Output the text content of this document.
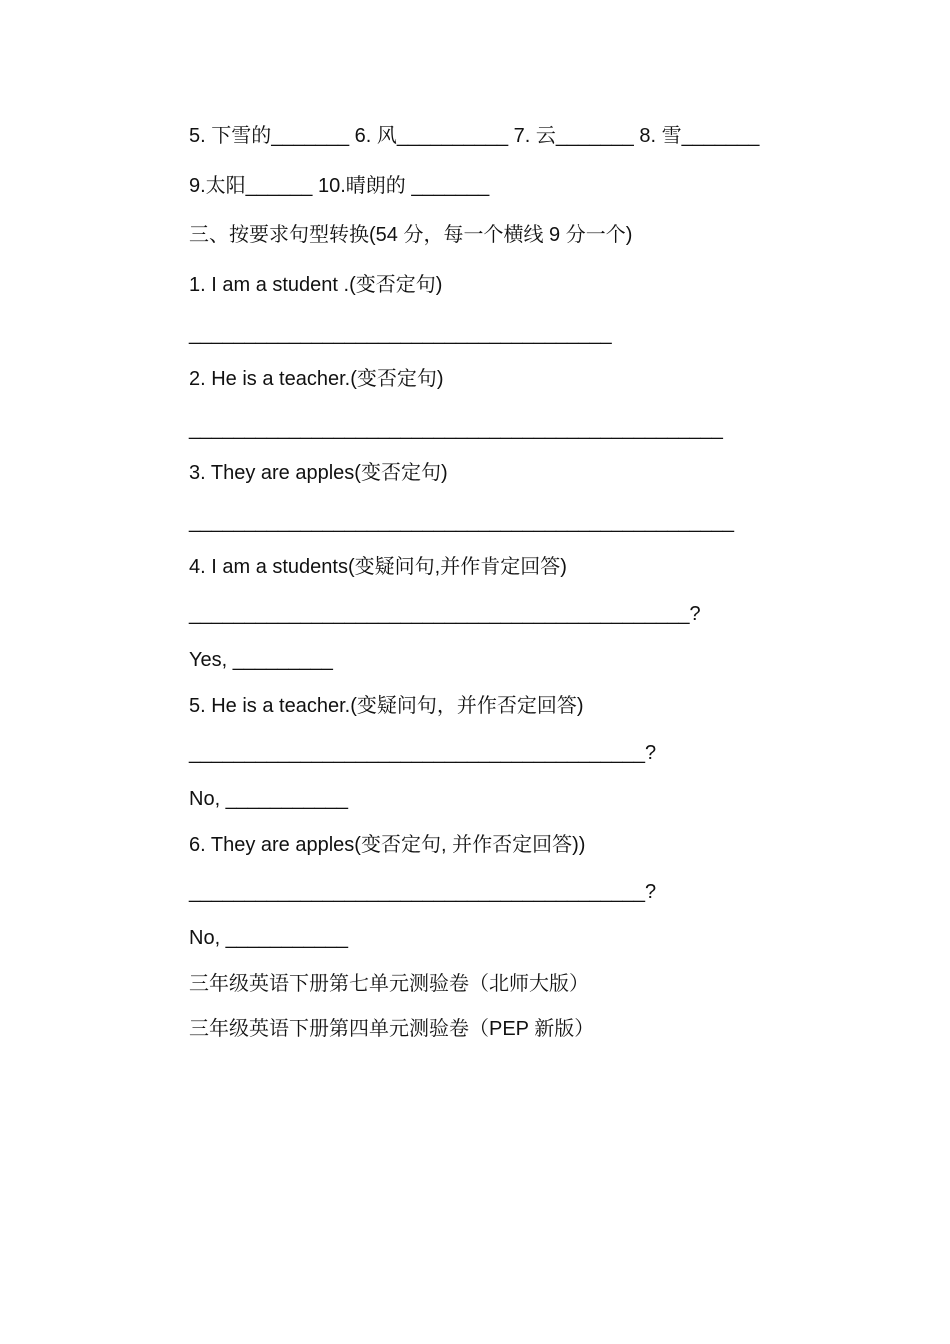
5. 下雪的_______ 6. 风__________ 7. 云_______ 8. 雪_______
9.太阳______ 10.晴朗的 _______
三、按要求句型转换(54 分，每一个横线 9 分一个)
1. I am a student .(变否定句)
______________________________________
2. He is a teacher.(变否定句)
________________________________________________
3. They are apples(变否定句)
_________________________________________________
4. I am a students(变疑问句,并作肯定回答)
_____________________________________________?
Yes, _________
5. He is a teacher.(变疑问句，并作否定回答)
_________________________________________?
No, ___________
6. They are apples(变否定句, 并作否定回答))
_________________________________________?
No, ___________
三年级英语下册第七单元测验卷（北师大版）
三年级英语下册第四单元测验卷（PEP 新版）
